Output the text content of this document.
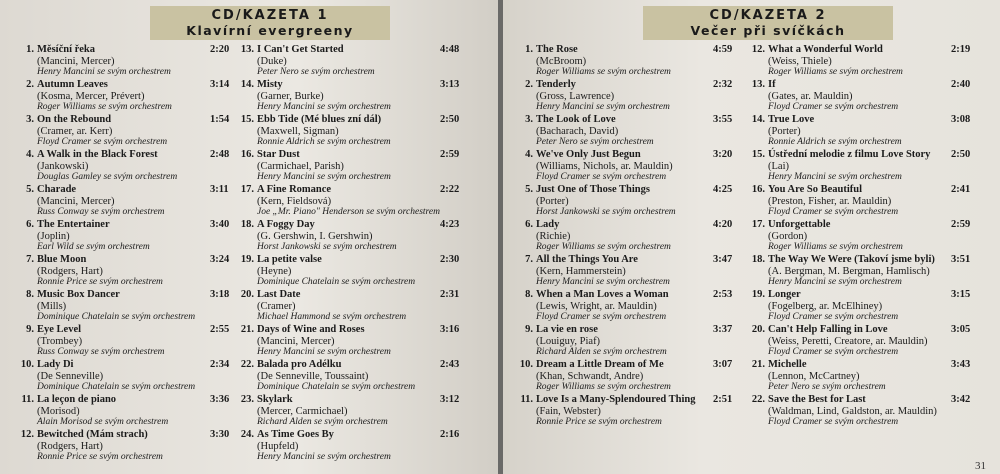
CD/KAZETA 1
Klavírní evergreeny
1. Měsíční řeka
(Mancini, Mercer)
Henry Mancini se svým orchestrem
2:20
2. Autumn Leaves
(Kosma, Mercer, Prévert)
Roger Williams se svým orchestrem
3:14
3. On the Rebound
(Cramer, ar. Kerr)
Floyd Cramer se svým orchestrem
1:54
4. A Walk in the Black Forest
(Jankowski)
Douglas Gamley se svým orchestrem
2:48
5. Charade
(Mancini, Mercer)
Russ Conway se svým orchestrem
3:11
6. The Entertainer
(Joplin)
Earl Wild se svým orchestrem
3:40
7. Blue Moon
(Rodgers, Hart)
Ronnie Price se svým orchestrem
3:24
8. Music Box Dancer
(Mills)
Dominique Chatelain se svým orchestrem
3:18
9. Eye Level
(Trombey)
Russ Conway se svým orchestrem
2:55
10. Lady Di
(De Senneville)
Dominique Chatelain se svým orchestrem
2:34
11. La leçon de piano
(Morisod)
Alain Morisod se svým orchestrem
3:36
12. Bewitched (Mám strach)
(Rodgers, Hart)
Ronnie Price se svým orchestrem
3:30
13. I Can't Get Started
(Duke)
Peter Nero se svým orchestrem
4:48
14. Misty
(Garner, Burke)
Henry Mancini se svým orchestrem
3:13
15. Ebb Tide (Mé blues zní dál)
(Maxwell, Sigman)
Ronnie Aldrich se svým orchestrem
2:50
16. Star Dust
(Carmichael, Parish)
Henry Mancini se svým orchestrem
2:59
17. A Fine Romance
(Kern, Fieldsová)
Joe „Mr. Piano" Henderson se svým orchestrem
2:22
18. A Foggy Day
(G. Gershwin, I. Gershwin)
Horst Jankowski se svým orchestrem
4:23
19. La petite valse
(Heyne)
Dominique Chatelain se svým orchestrem
2:30
20. Last Date
(Cramer)
Michael Hammond se svým orchestrem
2:31
21. Days of Wine and Roses
(Mancini, Mercer)
Henry Mancini se svým orchestrem
3:16
22. Balada pro Adélku
(De Senneville, Toussaint)
Dominique Chatelain se svým orchestrem
2:43
23. Skylark
(Mercer, Carmichael)
Richard Alden se svým orchestrem
3:12
24. As Time Goes By
(Hupfeld)
Henry Mancini se svým orchestrem
2:16
CD/KAZETA 2
Večer při svíčkách
1. The Rose
(McBroom)
Roger Williams se svým orchestrem
4:59
2. Tenderly
(Gross, Lawrence)
Henry Mancini se svým orchestrem
2:32
3. The Look of Love
(Bacharach, David)
Peter Nero se svým orchestrem
3:55
4. We've Only Just Begun
(Williams, Nichols, ar. Mauldin)
Floyd Cramer se svým orchestrem
3:20
5. Just One of Those Things
(Porter)
Horst Jankowski se svým orchestrem
4:25
6. Lady
(Richie)
Roger Williams se svým orchestrem
4:20
7. All the Things You Are
(Kern, Hammerstein)
Henry Mancini se svým orchestrem
3:47
8. When a Man Loves a Woman
(Lewis, Wright, ar. Mauldin)
Floyd Cramer se svým orchestrem
2:53
9. La vie en rose
(Louiguy, Piaf)
Richard Alden se svým orchestrem
3:37
10. Dream a Little Dream of Me
(Khan, Schwandt, Andre)
Roger Williams se svým orchestrem
3:07
11. Love Is a Many-Splendoured Thing
(Fain, Webster)
Ronnie Price se svým orchestrem
2:51
12. What a Wonderful World
(Weiss, Thiele)
Roger Williams se svým orchestrem
2:19
13. If
(Gates, ar. Mauldin)
Floyd Cramer se svým orchestrem
2:40
14. True Love
(Porter)
Ronnie Aldrich se svým orchestrem
3:08
15. Ústřední melodie z filmu Love Story
(Lai)
Henry Mancini se svým orchestrem
2:50
16. You Are So Beautiful
(Preston, Fisher, ar. Mauldin)
Floyd Cramer se svým orchestrem
2:41
17. Unforgettable
(Gordon)
Roger Williams se svým orchestrem
2:59
18. The Way We Were (Takoví jsme byli)
(A. Bergman, M. Bergman, Hamlisch)
Henry Mancini se svým orchestrem
3:51
19. Longer
(Fogelberg, ar. McElhiney)
Floyd Cramer se svým orchestrem
3:15
20. Can't Help Falling in Love
(Weiss, Peretti, Creatore, ar. Mauldin)
Floyd Cramer se svým orchestrem
3:05
21. Michelle
(Lennon, McCartney)
Peter Nero se svým orchestrem
3:43
22. Save the Best for Last
(Waldman, Lind, Galdston, ar. Mauldin)
Floyd Cramer se svým orchestrem
3:42
31
